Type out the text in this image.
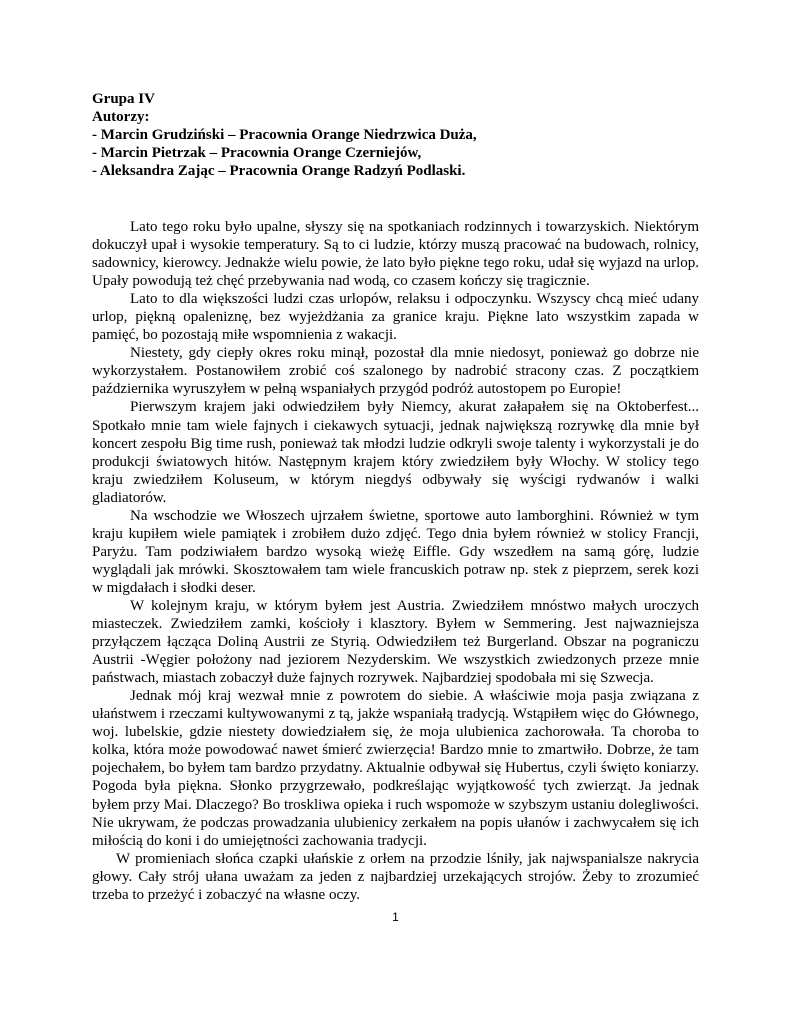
Grupa IV
Autorzy:
- Marcin Grudziński – Pracownia Orange Niedrzwica Duża,
- Marcin Pietrzak – Pracownia Orange Czerniejów,
- Aleksandra Zając – Pracownia Orange Radzyń Podlaski.

Lato tego roku było upalne, słyszy się na spotkaniach rodzinnych i towarzyskich. Niektórym dokuczył upał i wysokie temperatury. Są to ci ludzie, którzy muszą pracować na budowach, rolnicy, sadownicy, kierowcy. Jednakże wielu powie, że lato było piękne tego roku, udał się wyjazd na urlop. Upały powodują też chęć przebywania nad wodą, co czasem kończy się tragicznie.

Lato to dla większości ludzi czas urlopów, relaksu i odpoczynku. Wszyscy chcą mieć udany urlop, piękną opaleniznę, bez wyjeżdżania za granice kraju. Piękne lato wszystkim zapada w pamięć, bo pozostają miłe wspomnienia z wakacji.

Niestety, gdy ciepły okres roku minął, pozostał dla mnie niedosyt, ponieważ go dobrze nie wykorzystałem. Postanowiłem zrobić coś szalonego by nadrobić stracony czas. Z początkiem października wyruszyłem w pełną wspaniałych przygód podróż autostopem po Europie!

Pierwszym krajem jaki odwiedziłem były Niemcy, akurat załapałem się na Oktoberfest... Spotkało mnie tam wiele fajnych i ciekawych sytuacji, jednak największą rozrywkę dla mnie był koncert zespołu Big time rush, ponieważ tak młodzi ludzie odkryli swoje talenty i wykorzystali je do produkcji światowych hitów. Następnym krajem który zwiedziłem były Włochy. W stolicy tego kraju zwiedziłem Koluseum, w którym niegdyś odbywały się wyścigi rydwanów i walki gladiatorów.

Na wschodzie we Włoszech ujrzałem świetne, sportowe auto lamborghini. Również w tym kraju kupiłem wiele pamiątek i zrobiłem dużo zdjęć. Tego dnia byłem również w stolicy Francji, Paryżu. Tam podziwiałem bardzo wysoką wieżę Eiffle. Gdy wszedłem na samą górę, ludzie wyglądali jak mrówki. Skosztowałem tam wiele francuskich potraw np. stek z pieprzem, serek kozi w migdałach i słodki deser.

W kolejnym kraju, w którym byłem jest Austria. Zwiedziłem mnóstwo małych uroczych miasteczek. Zwiedziłem zamki, kościoły i klasztory. Byłem w Semmering. Jest najwazniejsza przyłączem łącząca Doliną Austrii ze Styrią. Odwiedziłem też Burgerland. Obszar na pograniczu Austrii -Węgier położony nad jeziorem Nezyderskim. We wszystkich zwiedzonych przeze mnie państwach, miastach zobaczył duże fajnych rozrywek. Najbardziej spodobała mi się Szwecja.

Jednak mój kraj wezwał mnie z powrotem do siebie. A właściwie moja pasja związana z ułaństwem i rzeczami kultywowanymi z tą, jakże wspaniałą tradycją. Wstąpiłem więc do Głównego, woj. lubelskie, gdzie niestety dowiedziałem się, że moja ulubienica zachorowała. Ta choroba to kolka, która może powodować nawet śmierć zwierzęcia! Bardzo mnie to zmartwiło. Dobrze, że tam pojechałem, bo byłem tam bardzo przydatny. Aktualnie odbywał się Hubertus, czyli święto koniarzy. Pogoda była piękna. Słonko przygrzewało, podkreślając wyjątkowość tych zwierząt. Ja jednak byłem przy Mai. Dlaczego? Bo troskliwa opieka i ruch wspomoże w szybszym ustaniu dolegliwości. Nie ukrywam, że podczas prowadzania ulubienicy zerkałem na popis ułanów i zachwycałem się ich miłością do koni i do umiejętności zachowania tradycji.

W promieniach słońca czapki ułańskie z orłem na przodzie lśniły, jak najwspanialsze nakrycia głowy. Cały strój ułana uważam za jeden z najbardziej urzekających strojów. Żeby to zrozumieć trzeba to przeżyć i zobaczyć na własne oczy.

1
